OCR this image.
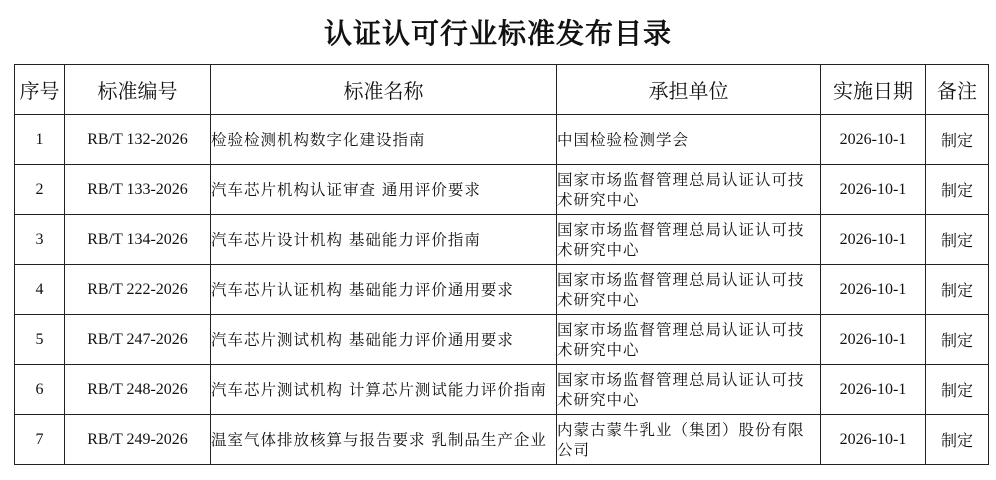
认证认可行业标准发布目录
序号	标准编号	标准名称	承担单位	实施日期	备注
1	RB/T 132-2026	检验检测机构数字化建设指南	中国检验检测学会	2026-10-1	制定
2	RB/T 133-2026	汽车芯片机构认证审查 通用评价要求	国家市场监督管理总局认证认可技术研究中心	2026-10-1	制定
3	RB/T 134-2026	汽车芯片设计机构 基础能力评价指南	国家市场监督管理总局认证认可技术研究中心	2026-10-1	制定
4	RB/T 222-2026	汽车芯片认证机构 基础能力评价通用要求	国家市场监督管理总局认证认可技术研究中心	2026-10-1	制定
5	RB/T 247-2026	汽车芯片测试机构 基础能力评价通用要求	国家市场监督管理总局认证认可技术研究中心	2026-10-1	制定
6	RB/T 248-2026	汽车芯片测试机构 计算芯片测试能力评价指南	国家市场监督管理总局认证认可技术研究中心	2026-10-1	制定
7	RB/T 249-2026	温室气体排放核算与报告要求 乳制品生产企业	内蒙古蒙牛乳业（集团）股份有限公司	2026-10-1	制定
